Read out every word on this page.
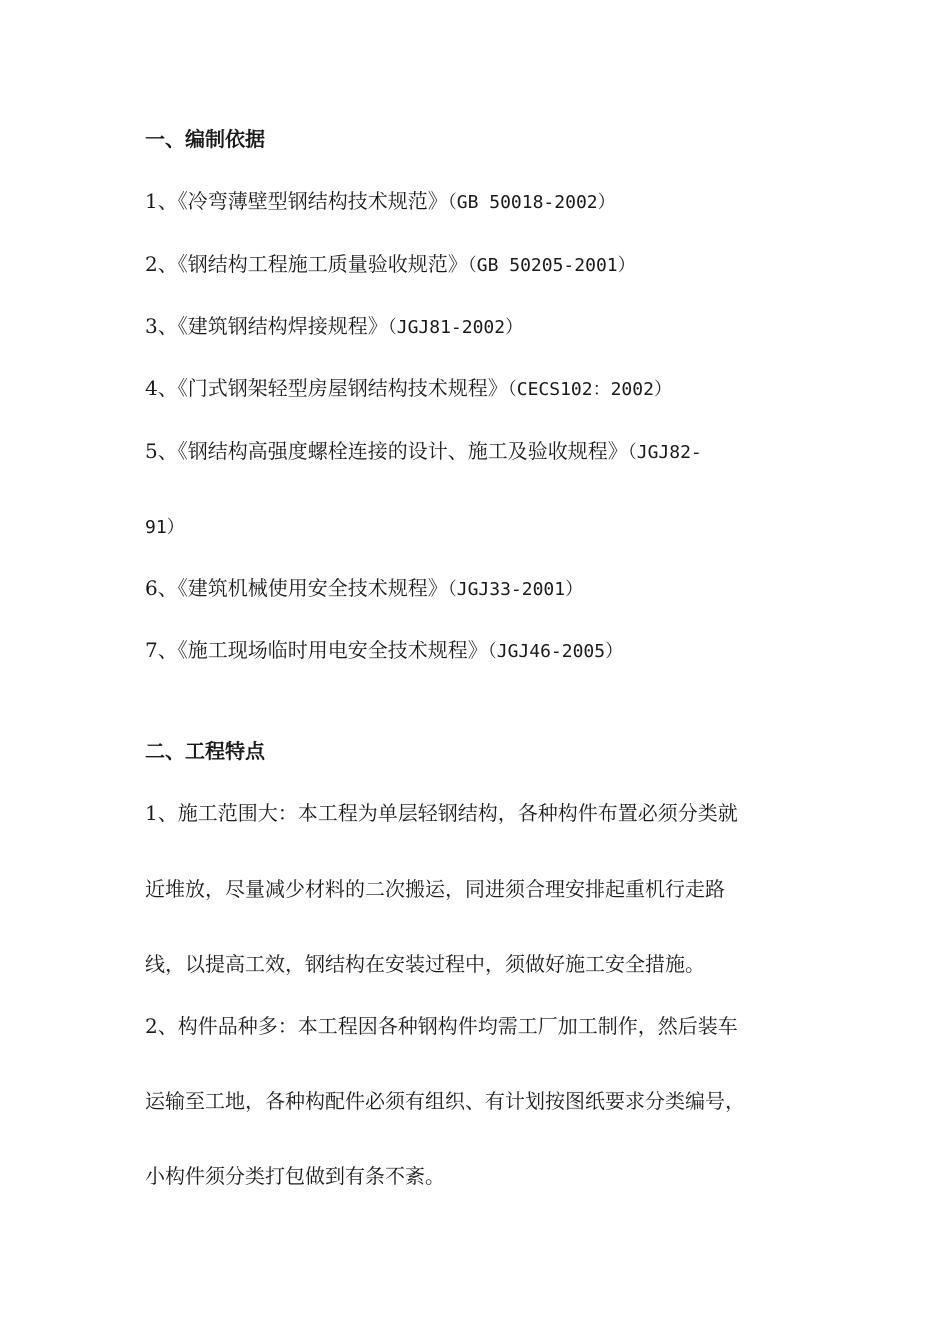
一、编制依据
1、《冷弯薄壁型钢结构技术规范》（GB 50018-2002）
2、《钢结构工程施工质量验收规范》（GB 50205-2001）
3、《建筑钢结构焊接规程》（JGJ81-2002）
4、《门式钢架轻型房屋钢结构技术规程》（CECS102：2002）
5、《钢结构高强度螺栓连接的设计、施工及验收规程》（JGJ82-
91）
6、《建筑机械使用安全技术规程》（JGJ33-2001）
7、《施工现场临时用电安全技术规程》（JGJ46-2005）
二、工程特点
1、施工范围大：本工程为单层轻钢结构，各种构件布置必须分类就
近堆放，尽量减少材料的二次搬运，同进须合理安排起重机行走路
线，以提高工效，钢结构在安装过程中，须做好施工安全措施。
2、构件品种多：本工程因各种钢构件均需工厂加工制作，然后装车
运输至工地，各种构配件必须有组织、有计划按图纸要求分类编号，
小构件须分类打包做到有条不紊。
